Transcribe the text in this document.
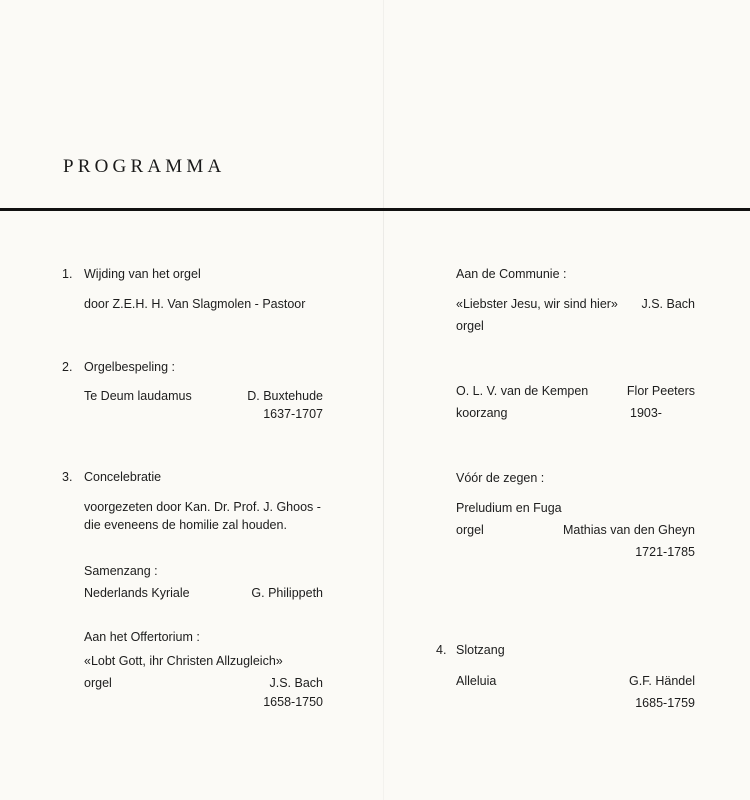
PROGRAMMA
1. Wijding van het orgel
door Z.E.H. H. Van Slagmolen - Pastoor
2. Orgelbespeling :
Te Deum laudamus	D. Buxtehude
1637-1707
3. Concelebratie
voorgezeten door Kan. Dr. Prof. J. Ghoos -
die eveneens de homilie zal houden.
Samenzang :
Nederlands Kyriale	G. Philippeth
Aan het Offertorium :
«Lobt Gott, ihr Christen Allzugleich»
orgel	J.S. Bach
1658-1750
Aan de Communie :
«Liebster Jesu, wir sind hier»	J.S. Bach
orgel
O. L. V. van de Kempen	Flor Peeters
koorzang	1903-
Vóór de zegen :
Preludium en Fuga
orgel	Mathias van den Gheyn
1721-1785
4. Slotzang
Alleluia	G.F. Händel
1685-1759
